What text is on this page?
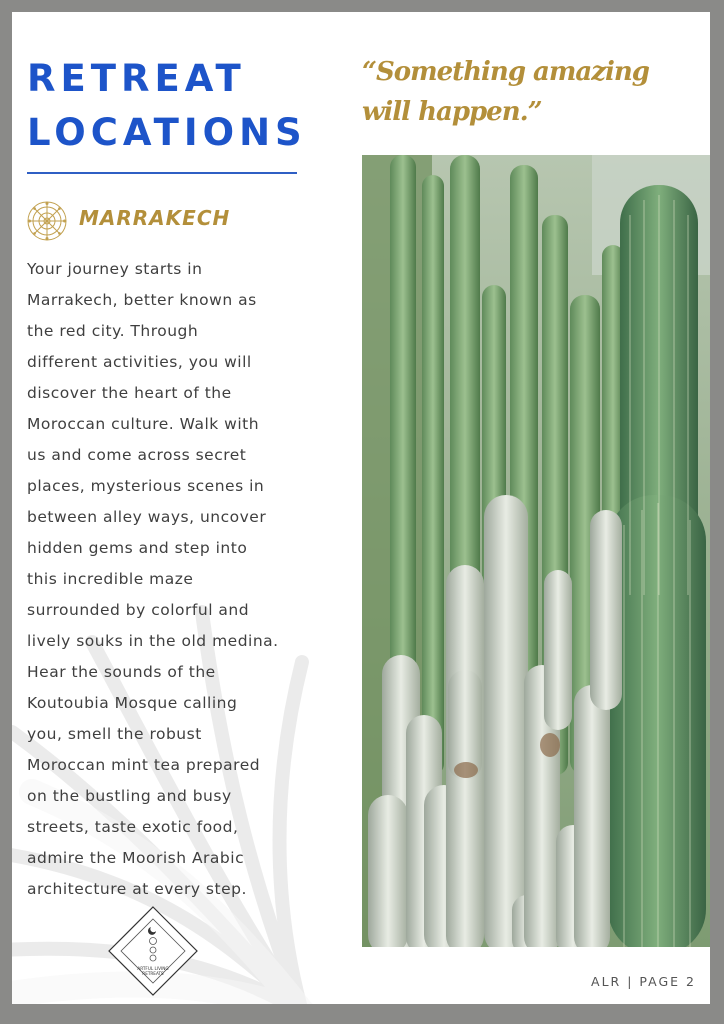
RETREAT
LOCATIONS
MARRAKECH

Your journey starts in
Marrakech, better known as
the red city. Through
different activities, you will
discover the heart of the
Moroccan culture. Walk with
us and come across secret
places, mysterious scenes in
between alley ways, uncover
hidden gems and step into
this incredible maze
surrounded by colorful and
lively souks in the old medina.
Hear the sounds of the
Koutoubia Mosque calling
you, smell the robust
Moroccan mint tea prepared
on the bustling and busy
streets, taste exotic food,
admire the Moorish Arabic
architecture at every step.

“Something amazing
will happen.”

ARTFUL LIVING
RETREATS

ALR | PAGE 2
